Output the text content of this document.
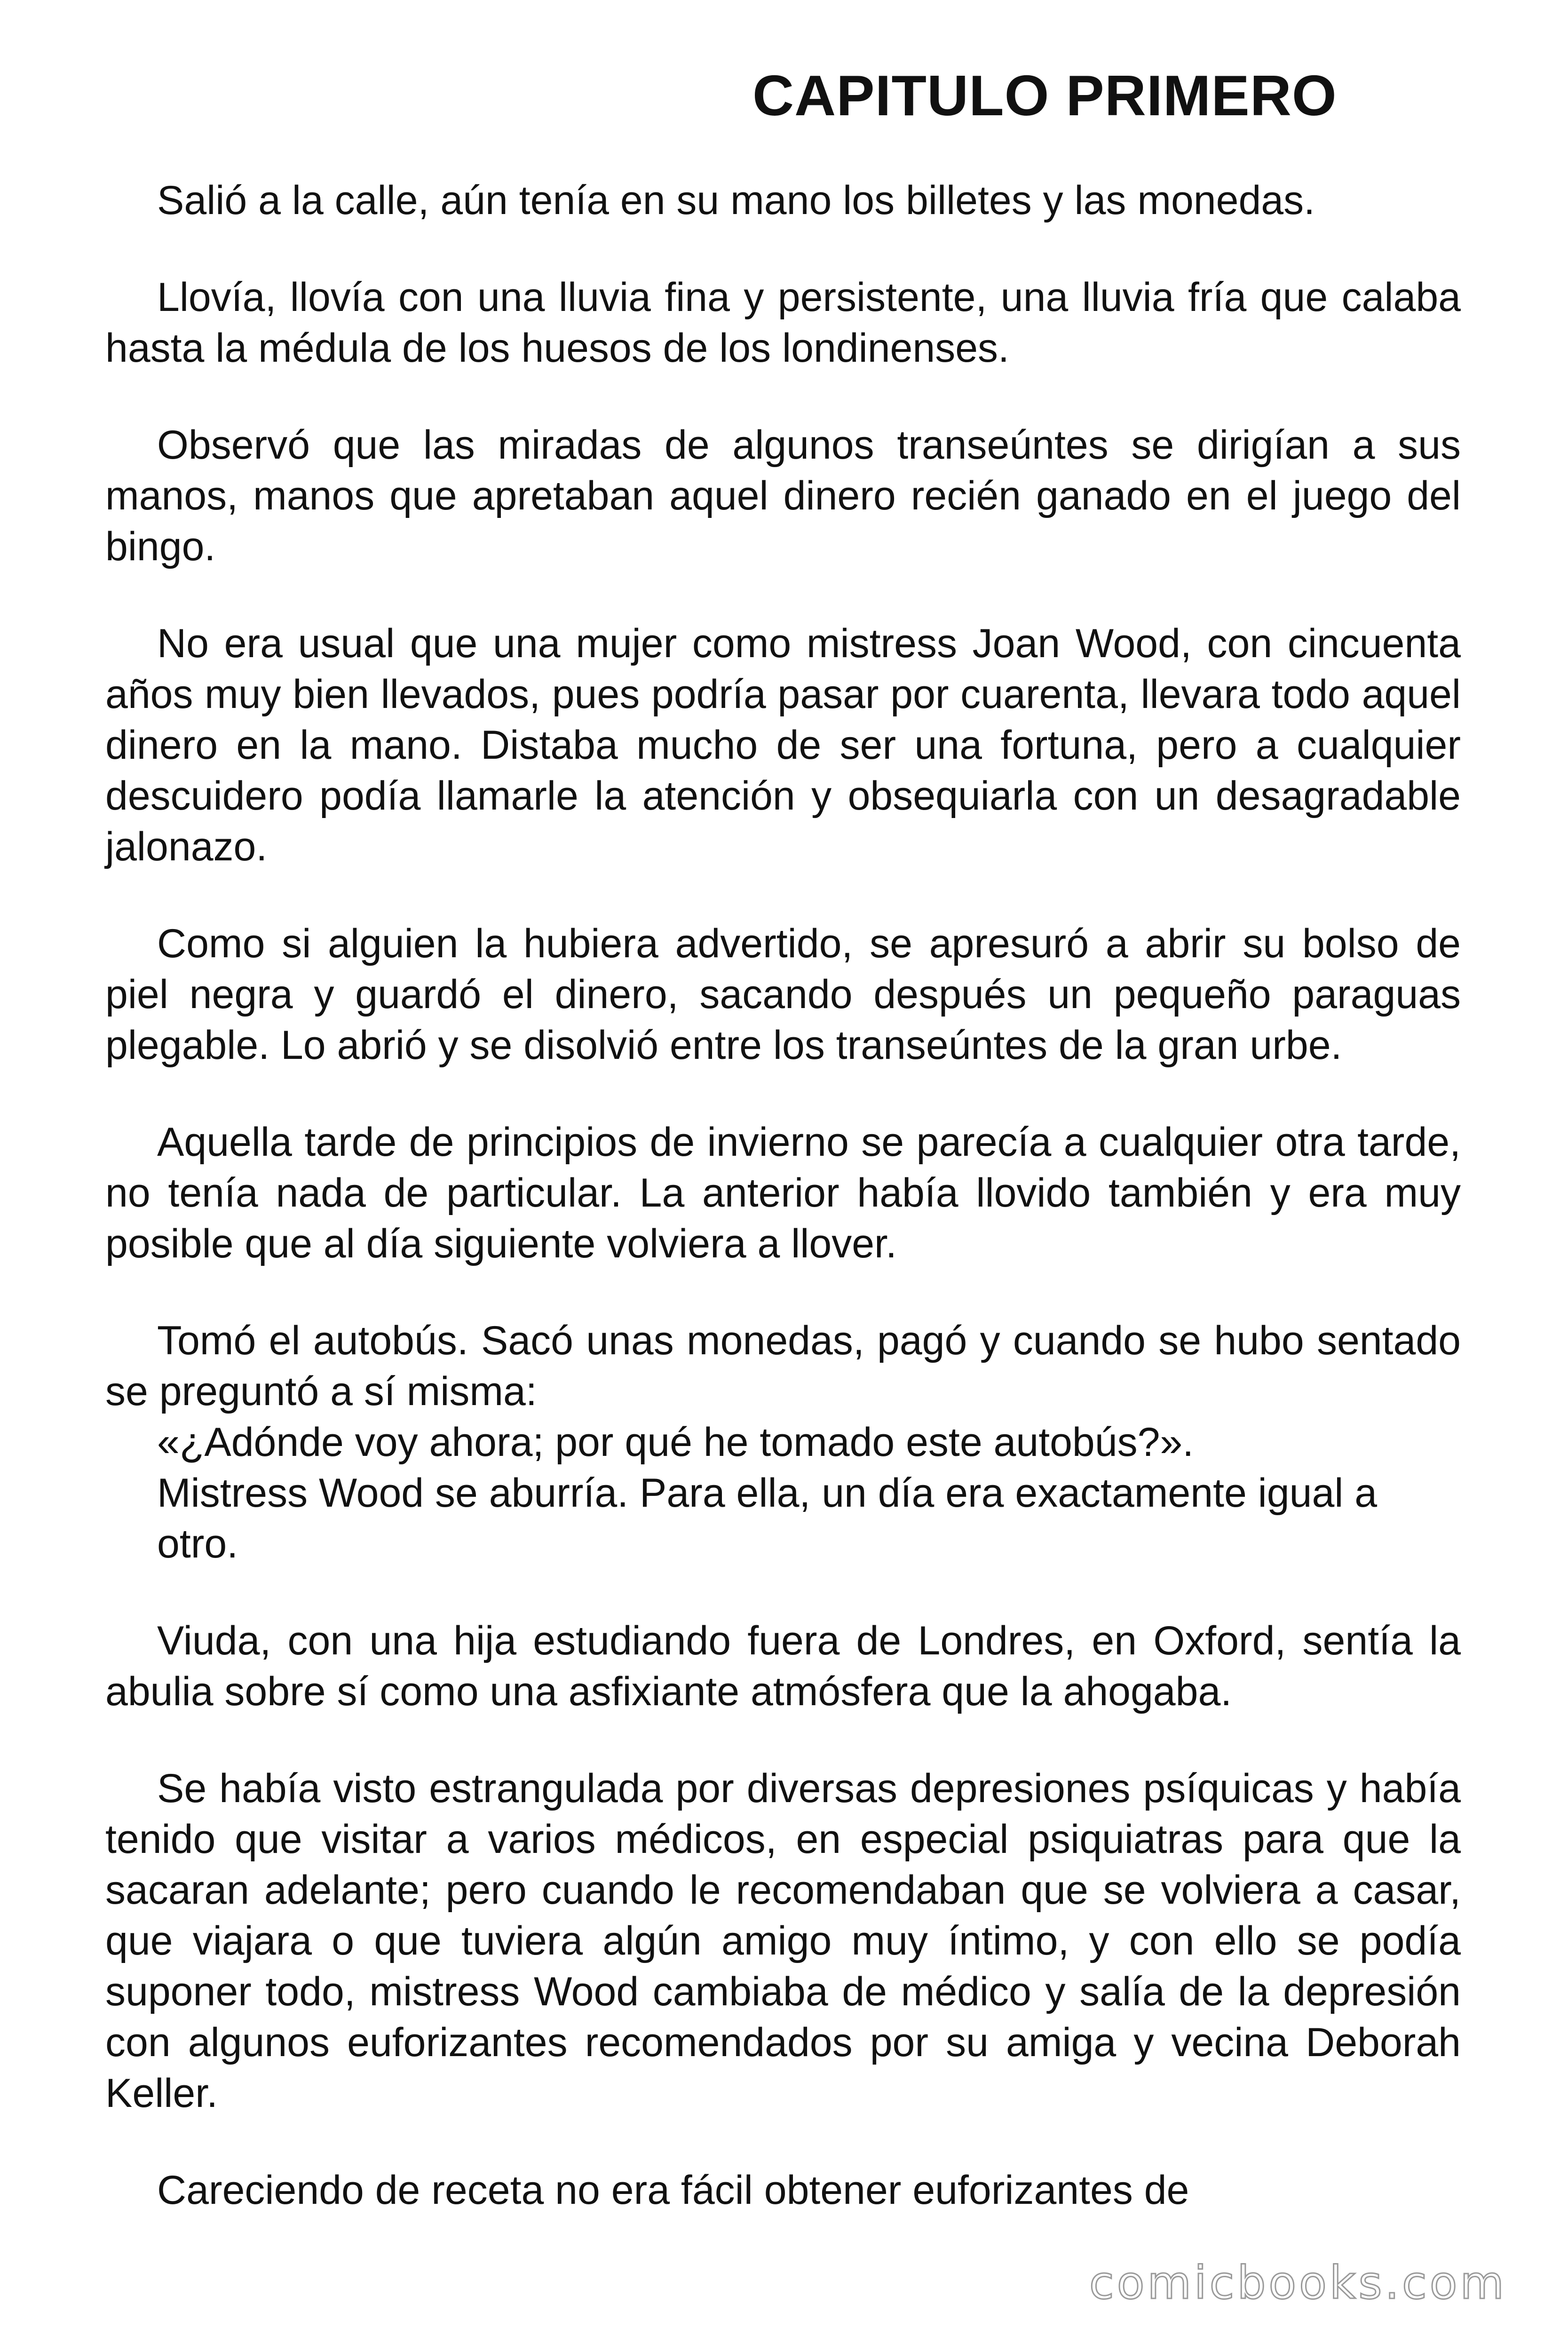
CAPITULO PRIMERO

Salió a la calle, aún tenía en su mano los billetes y las monedas.

Llovía, llovía con una lluvia fina y persistente, una lluvia fría que calaba hasta la médula de los huesos de los londinenses.

Observó que las miradas de algunos transeúntes se dirigían a sus manos, manos que apretaban aquel dinero recién ganado en el juego del bingo.

No era usual que una mujer como mistress Joan Wood, con cincuenta años muy bien llevados, pues podría pasar por cuarenta, llevara todo aquel dinero en la mano. Distaba mucho de ser una fortuna, pero a cualquier descuidero podía llamarle la atención y obsequiarla con un desagradable jalonazo.

Como si alguien la hubiera advertido, se apresuró a abrir su bolso de piel negra y guardó el dinero, sacando después un pequeño paraguas plegable. Lo abrió y se disolvió entre los transeúntes de la gran urbe.

Aquella tarde de principios de invierno se parecía a cualquier otra tarde, no tenía nada de particular. La anterior había llovido también y era muy posible que al día siguiente volviera a llover.

Tomó el autobús. Sacó unas monedas, pagó y cuando se hubo sentado se preguntó a sí misma:

«¿Adónde voy ahora; por qué he tomado este autobús?».

Mistress Wood se aburría. Para ella, un día era exactamente igual a otro.

Viuda, con una hija estudiando fuera de Londres, en Oxford, sentía la abulia sobre sí como una asfixiante atmósfera que la ahogaba.

Se había visto estrangulada por diversas depresiones psíquicas y había tenido que visitar a varios médicos, en especial psiquiatras para que la sacaran adelante; pero cuando le recomendaban que se volviera a casar, que viajara o que tuviera algún amigo muy íntimo, y con ello se podía suponer todo, mistress Wood cambiaba de médico y salía de la depresión con algunos euforizantes recomendados por su amiga y vecina Deborah Keller.

Careciendo de receta no era fácil obtener euforizantes de

comicbooks.com
